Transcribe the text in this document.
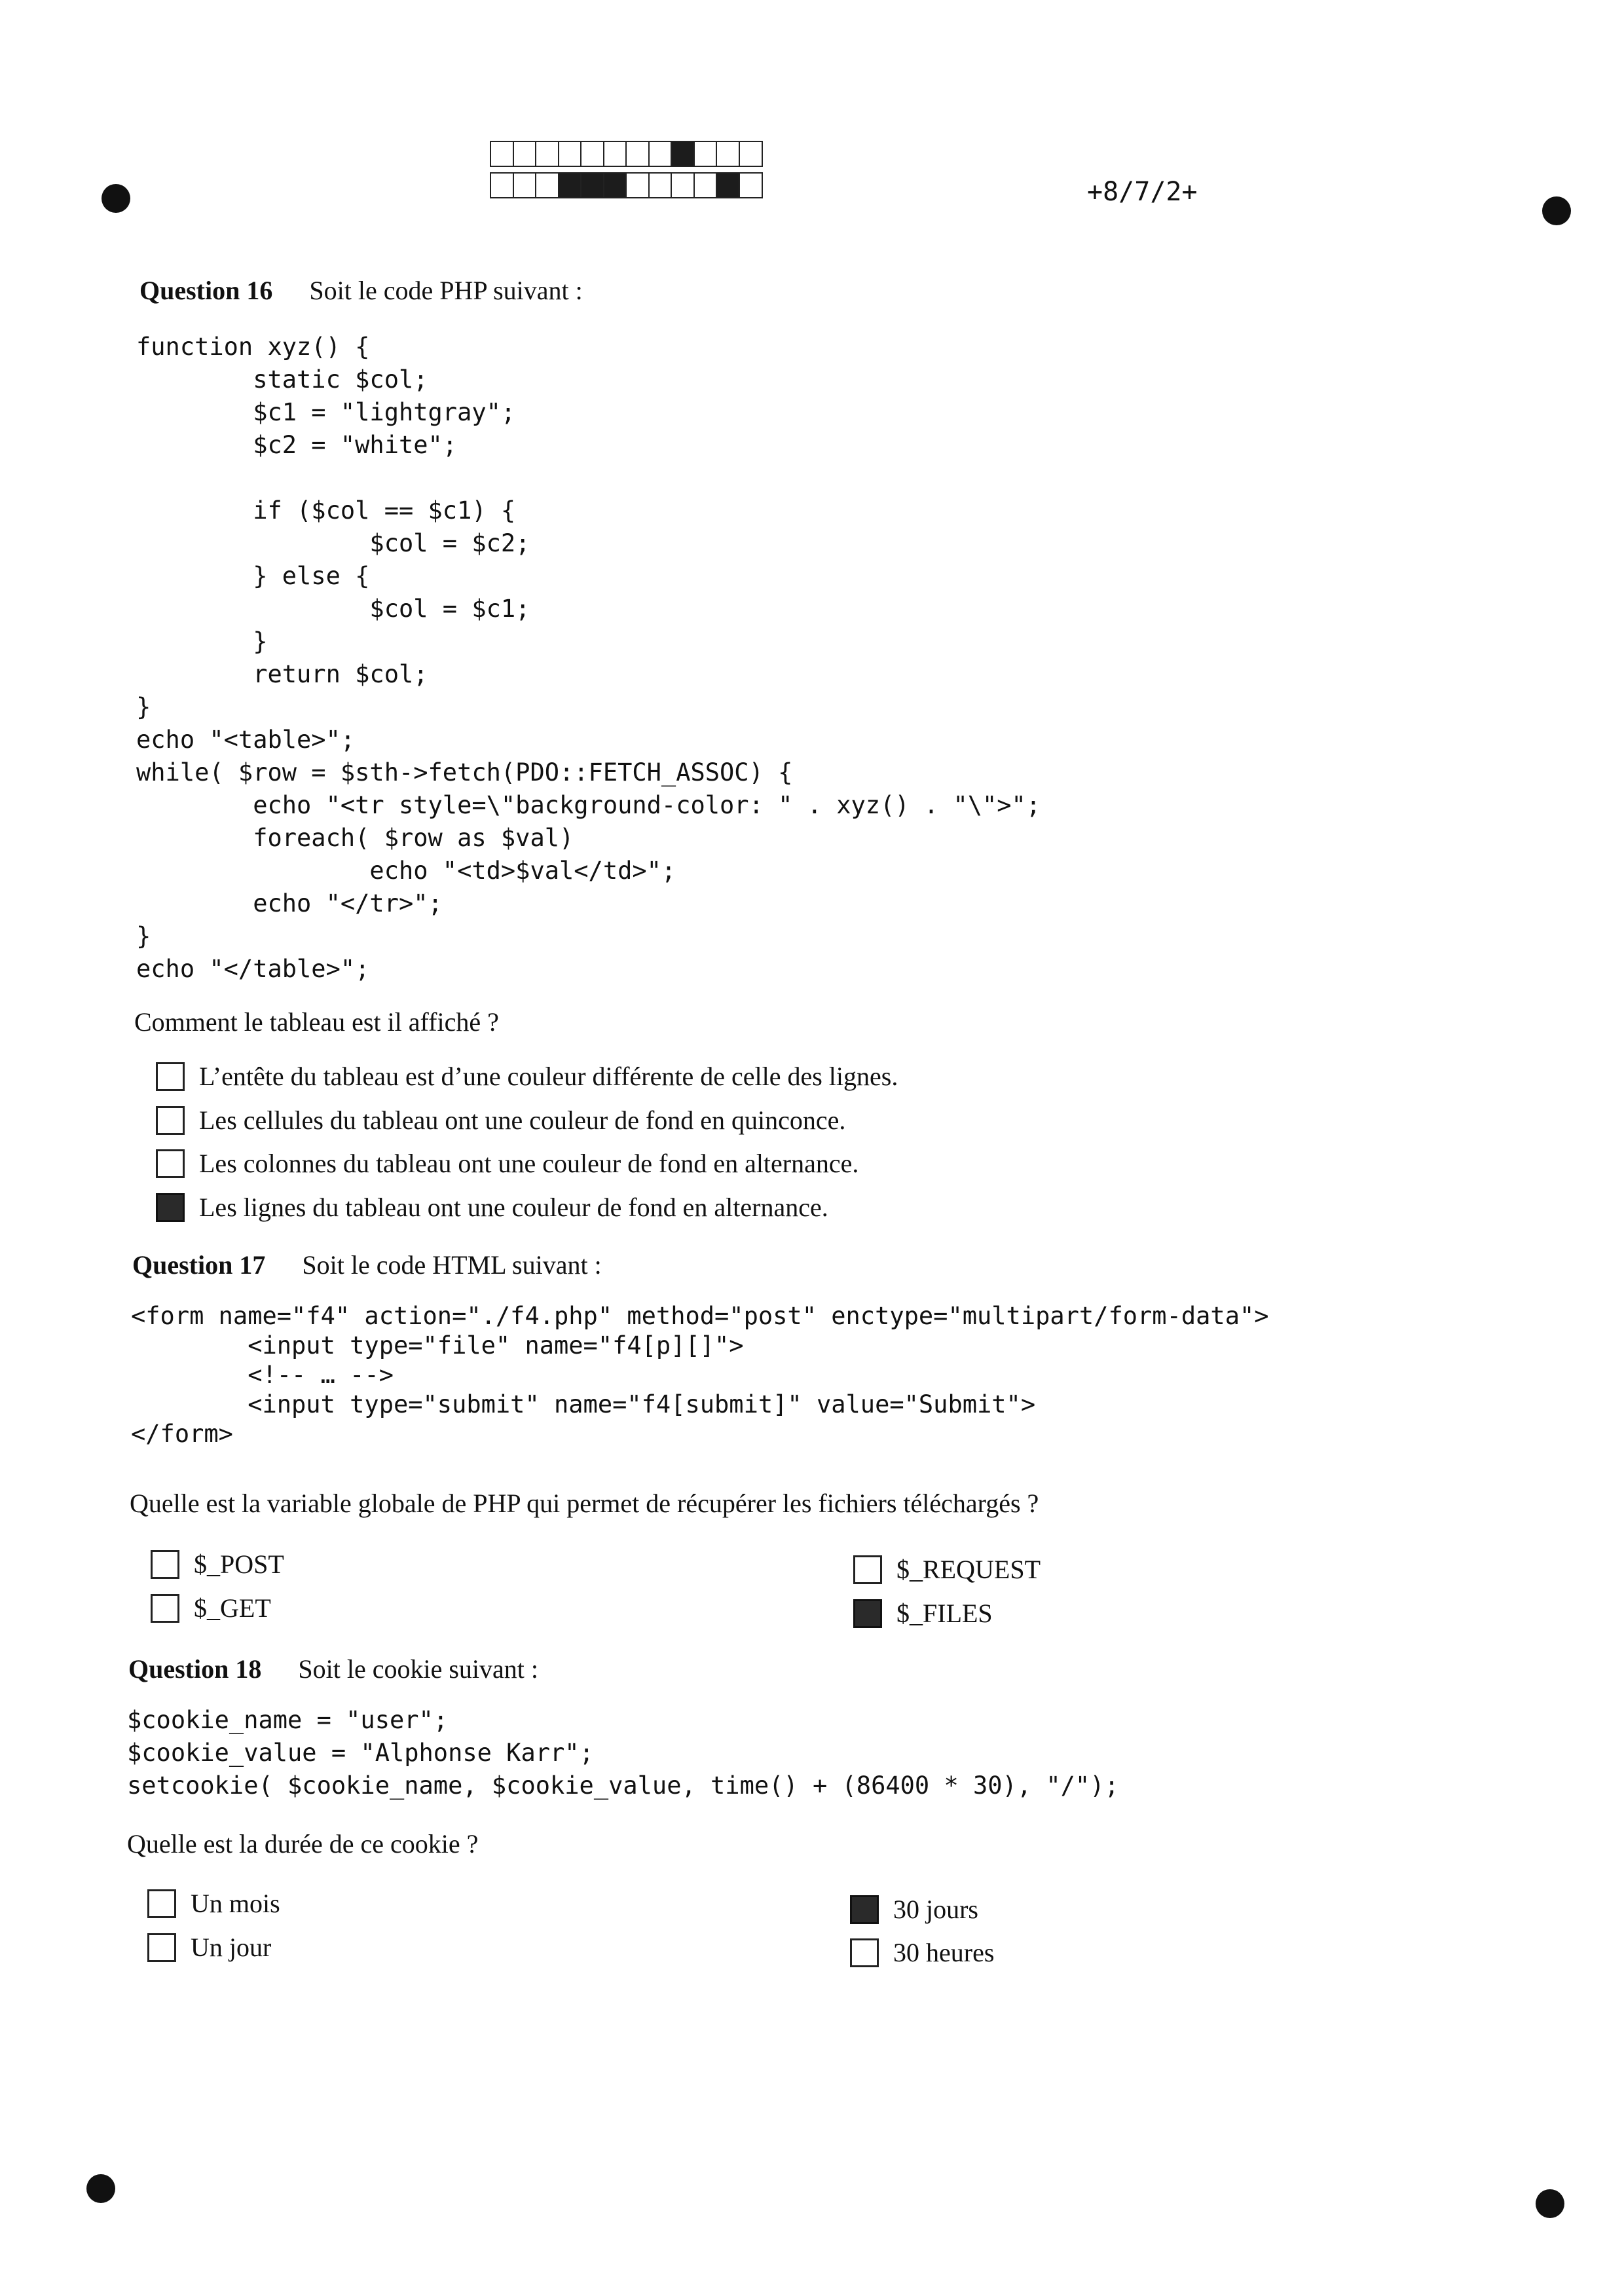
+8/7/2+
Question 16 Soit le code PHP suivant :
function xyz() {
static $col;
$c1 = "lightgray";
$c2 = "white";

if ($col == $c1) {
$col = $c2;
} else {
$col = $c1;
}
return $col;
}
echo "<table>";
while( $row = $sth->fetch(PDO::FETCH_ASSOC) {
echo "<tr style=\"background-color: " . xyz() . "\">";
foreach( $row as $val)
echo "<td>$val</td>";
echo "</tr>";
}
echo "</table>";
Comment le tableau est il affiché ?
L’entête du tableau est d’une couleur différente de celle des lignes.
Les cellules du tableau ont une couleur de fond en quinconce.
Les colonnes du tableau ont une couleur de fond en alternance.
Les lignes du tableau ont une couleur de fond en alternance.
Question 17 Soit le code HTML suivant :
<form name="f4" action="./f4.php" method="post" enctype="multipart/form-data">
<input type="file" name="f4[p][]">
<!-- … -->
<input type="submit" name="f4[submit]" value="Submit">
</form>
Quelle est la variable globale de PHP qui permet de récupérer les fichiers téléchargés ?
$_POST
$_GET
$_REQUEST
$_FILES
Question 18 Soit le cookie suivant :
$cookie_name = "user";
$cookie_value = "Alphonse Karr";
setcookie( $cookie_name, $cookie_value, time() + (86400 * 30), "/");
Quelle est la durée de ce cookie ?
Un mois
Un jour
30 jours
30 heures
